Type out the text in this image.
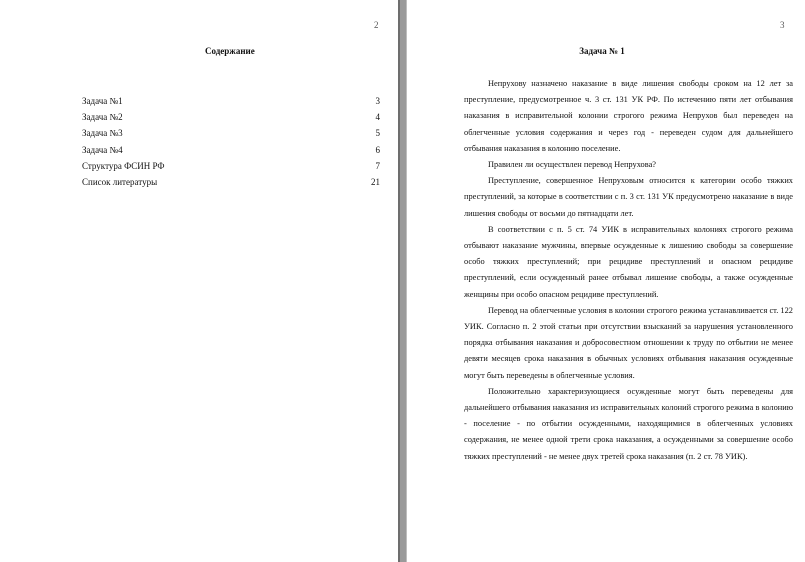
2
Содержание
Задача №1	3
Задача №2	4
Задача №3	5
Задача №4	6
Структура ФСИН РФ	7
Список литературы	21
3
Задача № 1

Непрухову назначено наказание в виде лишения свободы сроком на 12 лет за преступление, предусмотренное ч. 3 ст. 131 УК РФ. По истечению пяти лет отбывания наказания в исправительной колонии строгого режима Непрухов был переведен на облегченные условия содержания и через год - переведен судом для дальнейшего отбывания наказания в колонию поселение.

Правилен ли осуществлен перевод Непрухова?

Преступление, совершенное Непруховым относится к категории особо тяжких преступлений, за которые в соответствии с п. 3 ст. 131 УК предусмотрено наказание в виде лишения свободы от восьми до пятнадцати лет.

В соответствии с п. 5 ст. 74 УИК в исправительных колониях строгого режима отбывают наказание мужчины, впервые осужденные к лишению свободы за совершение особо тяжких преступлений; при рецидиве преступлений и опасном рецидиве преступлений, если осужденный ранее отбывал лишение свободы, а также осужденные женщины при особо опасном рецидиве преступлений.

Перевод на облегченные условия в колонии строгого режима устанавливается ст. 122 УИК. Согласно п. 2 этой статьи при отсутствии взысканий за нарушения установленного порядка отбывания наказания и добросовестном отношении к труду по отбытии не менее девяти месяцев срока наказания в обычных условиях отбывания наказания осужденные могут быть переведены в облегченные условия.

Положительно характеризующиеся осужденные могут быть переведены для дальнейшего отбывания наказания из исправительных колоний строгого режима в колонию - поселение - по отбытии осужденными, находящимися в облегченных условиях содержания, не менее одной трети срока наказания, а осужденными за совершение особо тяжких преступлений - не менее двух третей срока наказания (п. 2 ст. 78 УИК).
